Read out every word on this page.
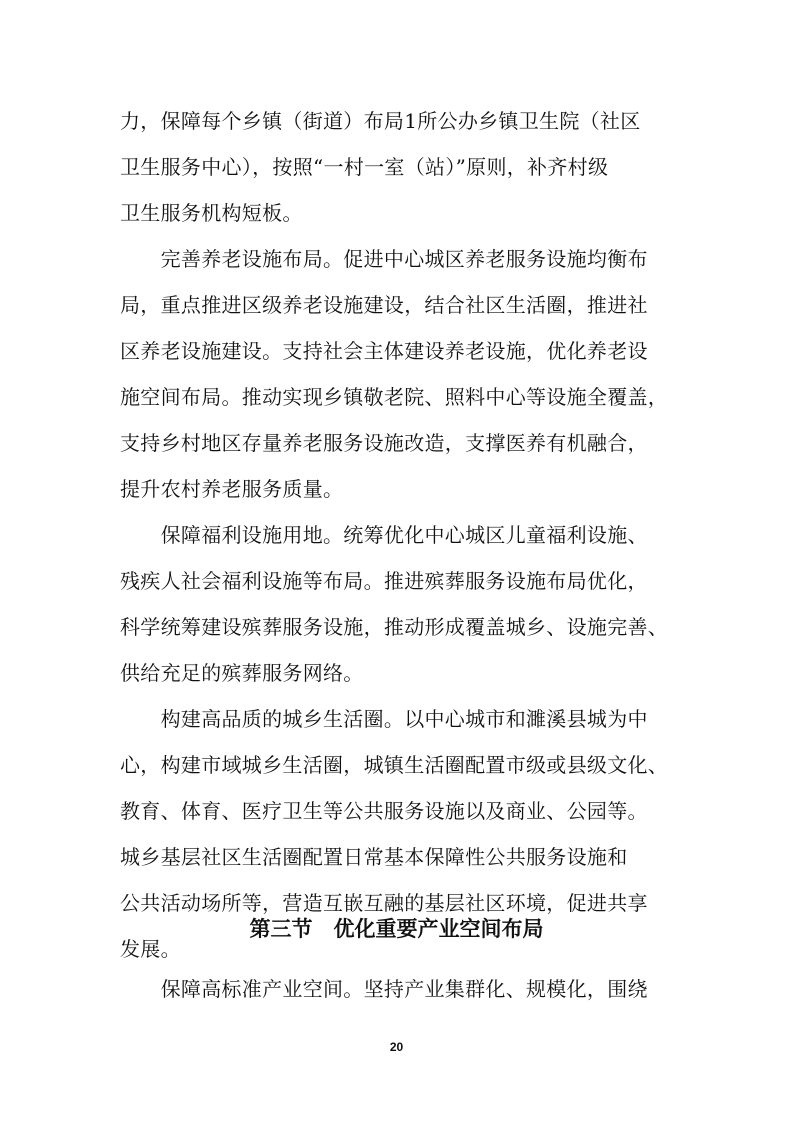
力，保障每个乡镇（街道）布局1所公办乡镇卫生院（社区
卫生服务中心），按照“一村一室（站）”原则，补齐村级
卫生服务机构短板。
　　完善养老设施布局。促进中心城区养老服务设施均衡布
局，重点推进区级养老设施建设，结合社区生活圈，推进社
区养老设施建设。支持社会主体建设养老设施，优化养老设
施空间布局。推动实现乡镇敬老院、照料中心等设施全覆盖，
支持乡村地区存量养老服务设施改造，支撑医养有机融合，
提升农村养老服务质量。
　　保障福利设施用地。统筹优化中心城区儿童福利设施、
残疾人社会福利设施等布局。推进殡葬服务设施布局优化，
科学统筹建设殡葬服务设施，推动形成覆盖城乡、设施完善、
供给充足的殡葬服务网络。
　　构建高品质的城乡生活圈。以中心城市和濉溪县城为中
心，构建市域城乡生活圈，城镇生活圈配置市级或县级文化、
教育、体育、医疗卫生等公共服务设施以及商业、公园等。
城乡基层社区生活圈配置日常基本保障性公共服务设施和
公共活动场所等，营造互嵌互融的基层社区环境，促进共享
发展。
第三节　优化重要产业空间布局
　　保障高标准产业空间。坚持产业集群化、规模化，围绕
20
